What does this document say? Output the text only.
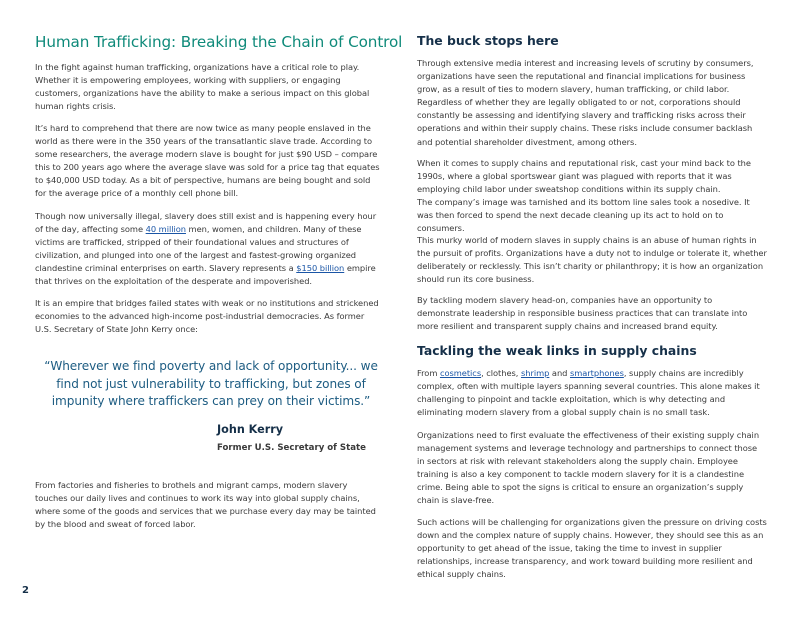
Human Trafficking: Breaking the Chain of Control

In the fight against human trafficking, organizations have a critical role to play. Whether it is empowering employees, working with suppliers, or engaging customers, organizations have the ability to make a serious impact on this global human rights crisis.

It’s hard to comprehend that there are now twice as many people enslaved in the world as there were in the 350 years of the transatlantic slave trade. According to some researchers, the average modern slave is bought for just $90 USD – compare this to 200 years ago where the average slave was sold for a price tag that equates to $40,000 USD today. As a bit of perspective, humans are being bought and sold for the average price of a monthly cell phone bill.

Though now universally illegal, slavery does still exist and is happening every hour of the day, affecting some 40 million men, women, and children. Many of these victims are trafficked, stripped of their foundational values and structures of civilization, and plunged into one of the largest and fastest-growing organized clandestine criminal enterprises on earth. Slavery represents a $150 billion empire that thrives on the exploitation of the desperate and impoverished.

It is an empire that bridges failed states with weak or no institutions and strickened economies to the advanced high-income post-industrial democracies. As former U.S. Secretary of State John Kerry once:

“Wherever we find poverty and lack of opportunity... we find not just vulnerability to trafficking, but zones of impunity where traffickers can prey on their victims.”

John Kerry

Former U.S. Secretary of State

From factories and fisheries to brothels and migrant camps, modern slavery touches our daily lives and continues to work its way into global supply chains, where some of the goods and services that we purchase every day may be tainted by the blood and sweat of forced labor.

The buck stops here

Through extensive media interest and increasing levels of scrutiny by consumers, organizations have seen the reputational and financial implications for business grow, as a result of ties to modern slavery, human trafficking, or child labor. Regardless of whether they are legally obligated to or not, corporations should constantly be assessing and identifying slavery and trafficking risks across their operations and within their supply chains. These risks include consumer backlash and potential shareholder divestment, among others.

When it comes to supply chains and reputational risk, cast your mind back to the 1990s, where a global sportswear giant was plagued with reports that it was employing child labor under sweatshop conditions within its supply chain.
The company’s image was tarnished and its bottom line sales took a nosedive. It was then forced to spend the next decade cleaning up its act to hold on to consumers.

This murky world of modern slaves in supply chains is an abuse of human rights in the pursuit of profits. Organizations have a duty not to indulge or tolerate it, whether deliberately or recklessly. This isn’t charity or philanthropy; it is how an organization should run its core business.

By tackling modern slavery head-on, companies have an opportunity to demonstrate leadership in responsible business practices that can translate into more resilient and transparent supply chains and increased brand equity.

Tackling the weak links in supply chains

From cosmetics, clothes, shrimp and smartphones, supply chains are incredibly complex, often with multiple layers spanning several countries. This alone makes it challenging to pinpoint and tackle exploitation, which is why detecting and eliminating modern slavery from a global supply chain is no small task.

Organizations need to first evaluate the effectiveness of their existing supply chain management systems and leverage technology and partnerships to connect those in sectors at risk with relevant stakeholders along the supply chain. Employee training is also a key component to tackle modern slavery for it is a clandestine crime. Being able to spot the signs is critical to ensure an organization’s supply chain is slave-free.

Such actions will be challenging for organizations given the pressure on driving costs down and the complex nature of supply chains. However, they should see this as an opportunity to get ahead of the issue, taking the time to invest in supplier relationships, increase transparency, and work toward building more resilient and ethical supply chains.

2
